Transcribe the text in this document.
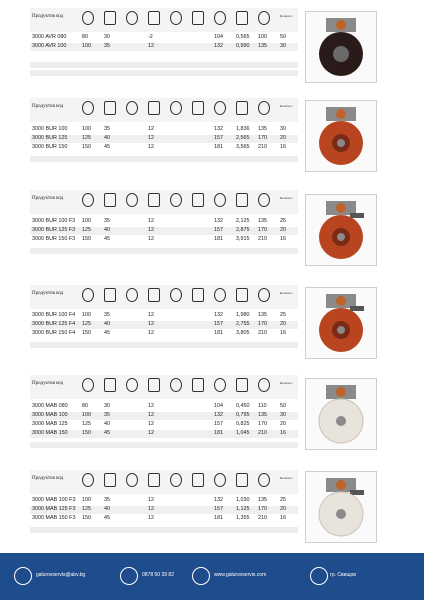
Продуктов код	Колела с
3000 AVR 080	80	30	-2	104 0,565 100 50
3000 AVR 100	100 35	12	132 0,990 135 30
Продуктов код	Колела с
3000 BUR 100	100 35	12	132 1,836 135 30
3000 BUR 125	125 40	12	157 2,565 170 20
3000 BUR 150	150 45	12	181 3,565 210 16
Продуктов код	Колела с
3000 BUR 100 F3 100 35	12	132 2,125 135 25
3000 BUR 125 F3 125 40	12	157 2,875 170 20
3000 BUR 150 F3 150 45	12	181 3,915 210 16
Продуктов код	Колела с
3000 BUR 100 F4 100 35	12	132 1,980 135 25
3000 BUR 125 F4 125 40	12	157 2,755 170 20
3000 BUR 150 F4 150 45	12	181 3,805 210 16
Продуктов код	Колела с
3000 MAB 080	80	30	12	104 0,450 110 50
3000 MAB 100	100 35	12	132 0,795 135 30
3000 MAB 125	125 40	12	157 0,825 170 20
3000 MAB 150	150 45	12	181 1,045 210 16
Продуктов код	Колела с
3000 MAB 100 F3 100 35	12	132 1,030 135 25
3000 MAB 125 F3 125 40	12	157 1,125 170 20
3000 MAB 150 F3 150 45	12	181 1,355 210 16
galurovservis@abv.bg	0878 50 39 82	www.galurovservis.com	гр. Свищов
